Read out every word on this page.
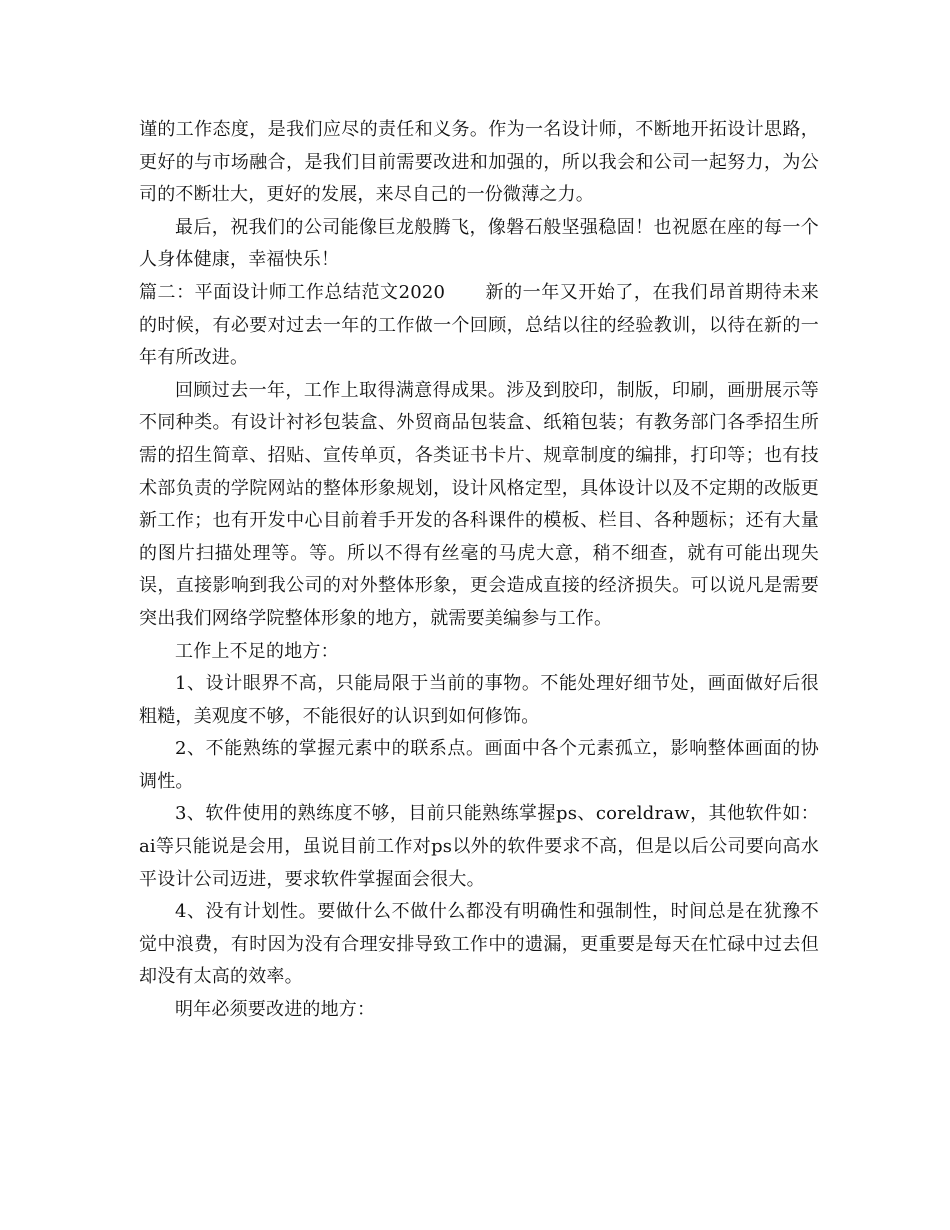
谨的工作态度，是我们应尽的责任和义务。作为一名设计师，不断地开拓设计思路，更好的与市场融合，是我们目前需要改进和加强的，所以我会和公司一起努力，为公司的不断壮大，更好的发展，来尽自己的一份微薄之力。

最后，祝我们的公司能像巨龙般腾飞，像磐石般坚强稳固！也祝愿在座的每一个人身体健康，幸福快乐！

篇二：平面设计师工作总结范文2020 新的一年又开始了，在我们昂首期待未来的时候，有必要对过去一年的工作做一个回顾，总结以往的经验教训，以待在新的一年有所改进。

回顾过去一年，工作上取得满意得成果。涉及到胶印，制版，印刷，画册展示等不同种类。有设计衬衫包装盒、外贸商品包装盒、纸箱包装；有教务部门各季招生所需的招生简章、招贴、宣传单页，各类证书卡片、规章制度的编排，打印等；也有技术部负责的学院网站的整体形象规划，设计风格定型，具体设计以及不定期的改版更新工作；也有开发中心目前着手开发的各科课件的模板、栏目、各种题标；还有大量的图片扫描处理等。等。所以不得有丝毫的马虎大意，稍不细查，就有可能出现失误，直接影响到我公司的对外整体形象，更会造成直接的经济损失。可以说凡是需要突出我们网络学院整体形象的地方，就需要美编参与工作。

工作上不足的地方：

1、设计眼界不高，只能局限于当前的事物。不能处理好细节处，画面做好后很粗糙，美观度不够，不能很好的认识到如何修饰。

2、不能熟练的掌握元素中的联系点。画面中各个元素孤立，影响整体画面的协调性。

3、软件使用的熟练度不够，目前只能熟练掌握ps、coreldraw，其他软件如：ai等只能说是会用，虽说目前工作对ps以外的软件要求不高，但是以后公司要向高水平设计公司迈进，要求软件掌握面会很大。

4、没有计划性。要做什么不做什么都没有明确性和强制性，时间总是在犹豫不觉中浪费，有时因为没有合理安排导致工作中的遗漏，更重要是每天在忙碌中过去但却没有太高的效率。

明年必须要改进的地方：
